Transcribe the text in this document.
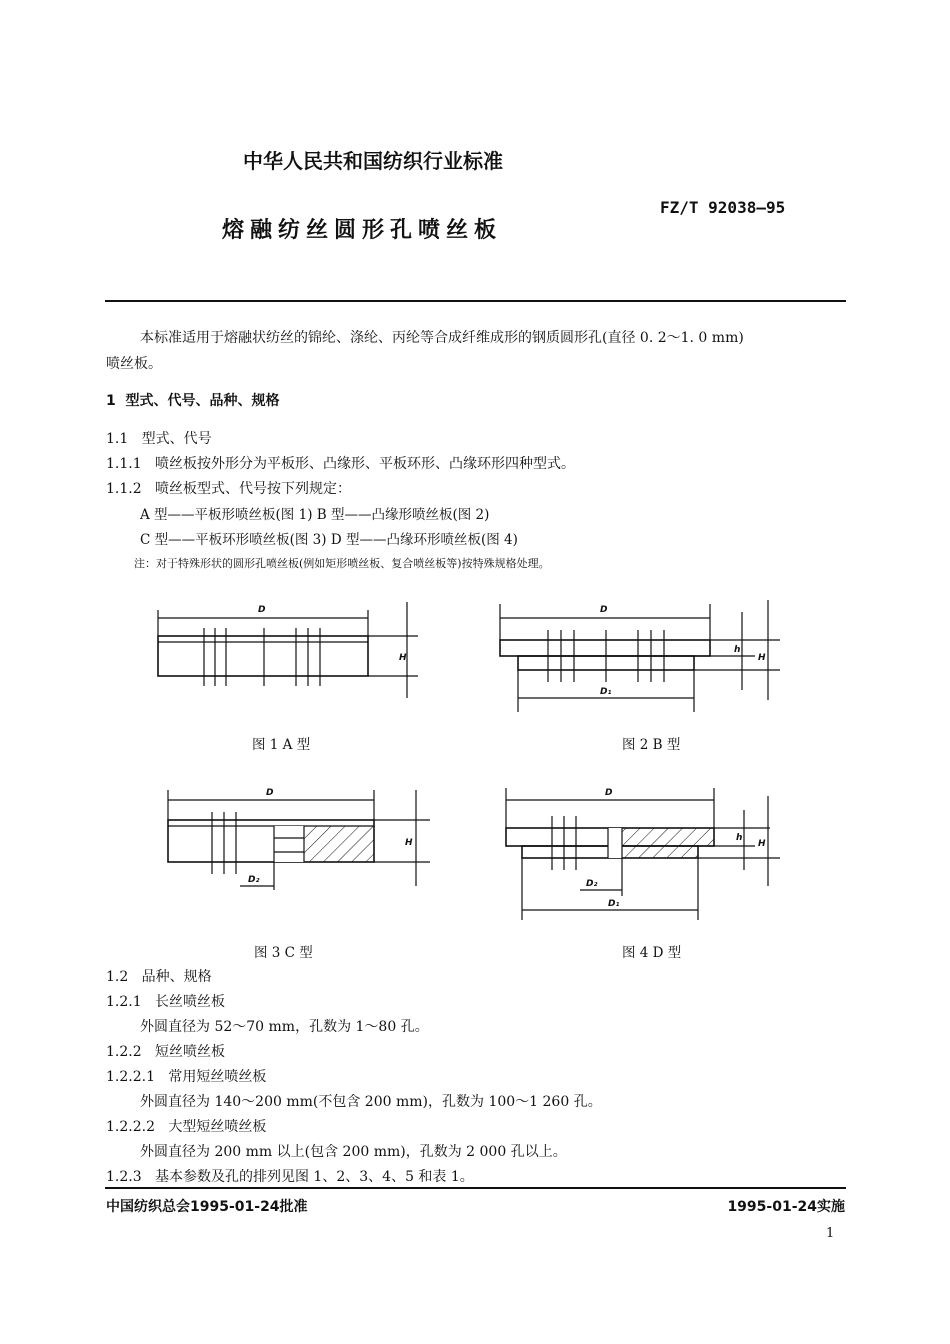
中华人民共和国纺织行业标准
熔融纺丝圆形孔喷丝板
FZ/T 92038—95
本标准适用于熔融状纺丝的锦纶、涤纶、丙纶等合成纤维成形的钢质圆形孔(直径 0. 2～1. 0 mm)
喷丝板。
1 型式、代号、品种、规格
1.1 型式、代号
1.1.1 喷丝板按外形分为平板形、凸缘形、平板环形、凸缘环形四种型式。
1.1.2 喷丝板型式、代号按下列规定：
A 型——平板形喷丝板(图 1) B 型——凸缘形喷丝板(图 2)
C 型——平板环形喷丝板(图 3) D 型——凸缘环形喷丝板(图 4)
注：对于特殊形状的圆形孔喷丝板(例如矩形喷丝板、复合喷丝板等)按特殊规格处理。
D
H
D
D₁
h
H
D
D₂
H
D
D₂
D₁
h
H
图 1 A 型	图 2 B 型
图 3 C 型	图 4 D 型
1.2 品种、规格
1.2.1 长丝喷丝板
外圆直径为 52～70 mm，孔数为 1～80 孔。
1.2.2 短丝喷丝板
1.2.2.1 常用短丝喷丝板
外圆直径为 140～200 mm(不包含 200 mm)，孔数为 100～1 260 孔。
1.2.2.2 大型短丝喷丝板
外圆直径为 200 mm 以上(包含 200 mm)，孔数为 2 000 孔以上。
1.2.3 基本参数及孔的排列见图 1、2、3、4、5 和表 1。
中国纺织总会1995-01-24批准	1995-01-24实施
1
